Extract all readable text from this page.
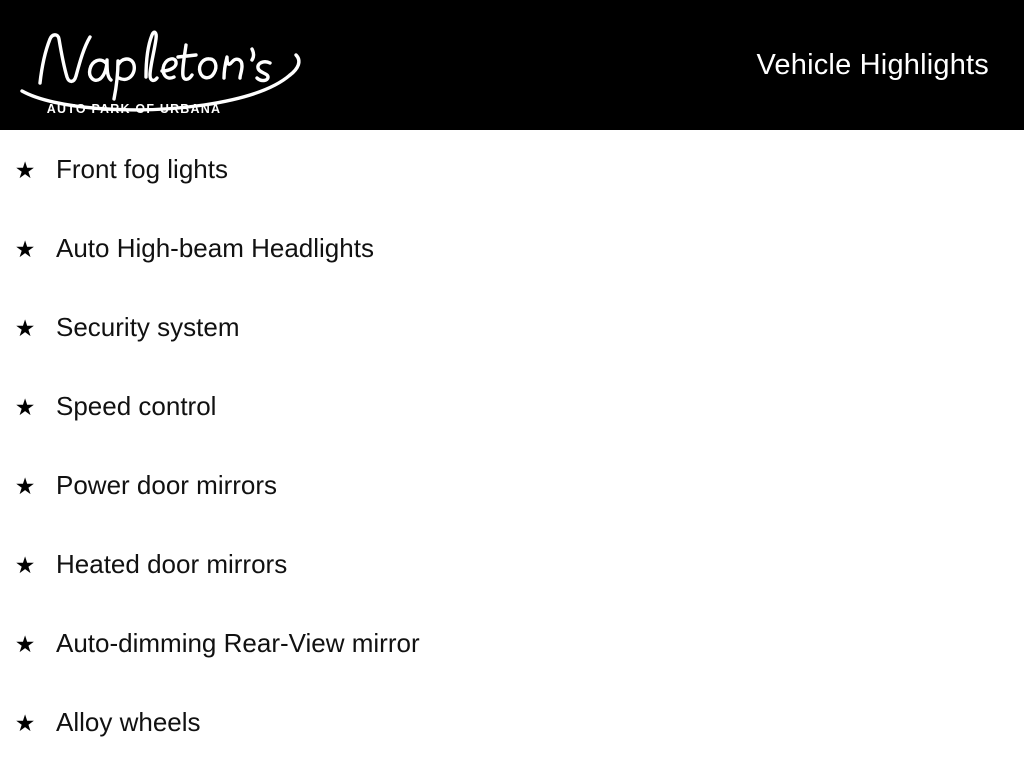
AUTO PARK OF URBANA
Vehicle Highlights
★ Front fog lights
★ Auto High-beam Headlights
★ Security system
★ Speed control
★ Power door mirrors
★ Heated door mirrors
★ Auto-dimming Rear-View mirror
★ Alloy wheels
